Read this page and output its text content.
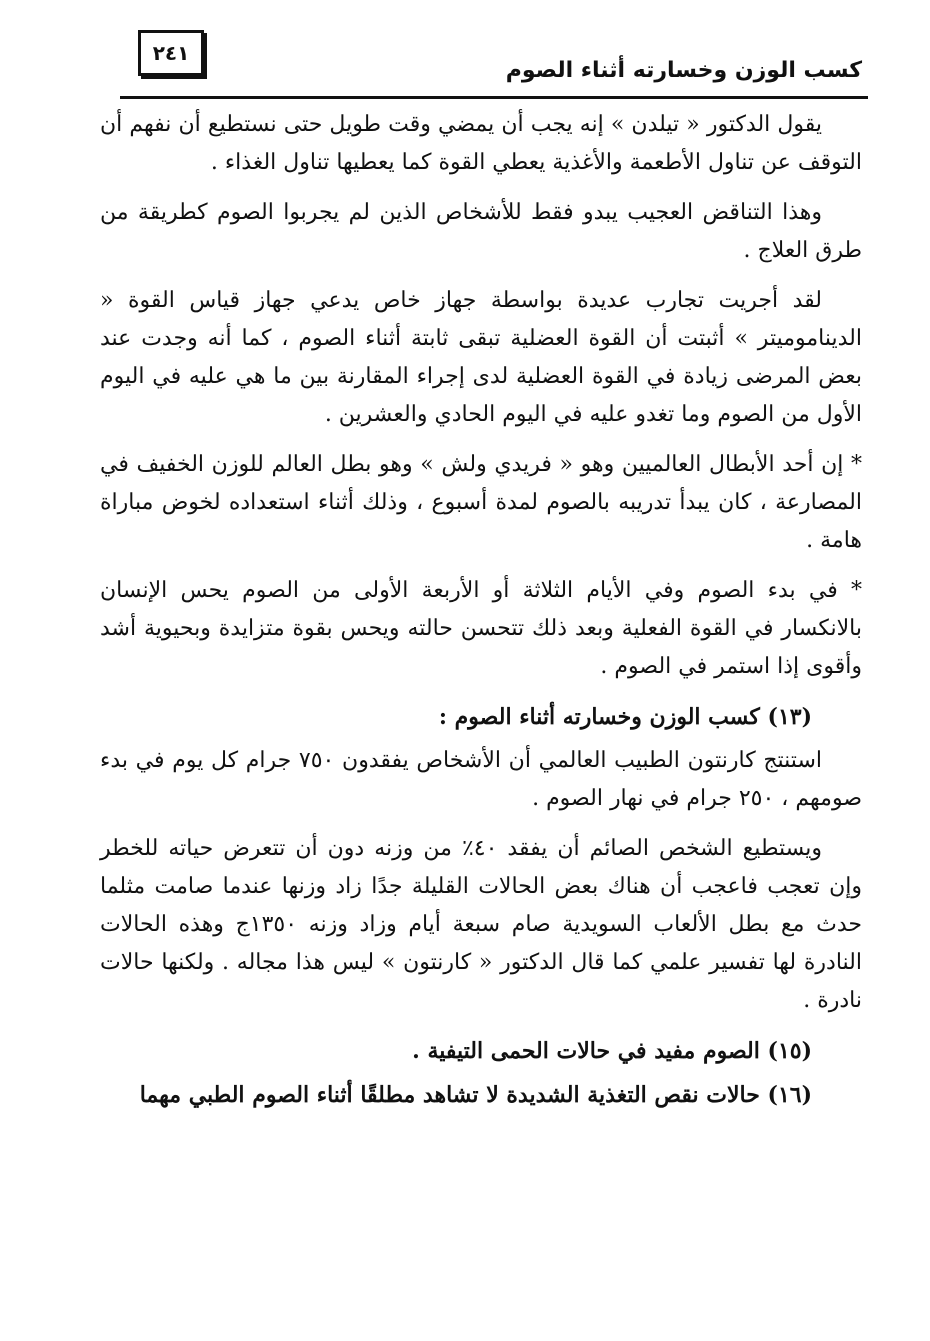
٢٤١
كسب الوزن وخسارته أثناء الصوم

يقول الدكتور « تيلدن » إنه يجب أن يمضي وقت طويل حتى نستطيع أن نفهم أن التوقف عن تناول الأطعمة والأغذية يعطي القوة كما يعطيها تناول الغذاء .

وهذا التناقض العجيب يبدو فقط للأشخاص الذين لم يجربوا الصوم كطريقة من طرق العلاج .

لقد أجريت تجارب عديدة بواسطة جهاز خاص يدعي جهاز قياس القوة « الديناموميتر » أثبتت أن القوة العضلية تبقى ثابتة أثناء الصوم ، كما أنه وجدت عند بعض المرضى زيادة في القوة العضلية لدى إجراء المقارنة بين ما هي عليه في اليوم الأول من الصوم وما تغدو عليه في اليوم الحادي والعشرين .

* إن أحد الأبطال العالميين وهو « فريدي ولش » وهو بطل العالم للوزن الخفيف في المصارعة ، كان يبدأ تدريبه بالصوم لمدة أسبوع ، وذلك أثناء استعداده لخوض مباراة هامة .

* في بدء الصوم وفي الأيام الثلاثة أو الأربعة الأولى من الصوم يحس الإنسان بالانكسار في القوة الفعلية وبعد ذلك تتحسن حالته ويحس بقوة متزايدة وبحيوية أشد وأقوى إذا استمر في الصوم .

(١٣) كسب الوزن وخسارته أثناء الصوم :

استنتج كارنتون الطبيب العالمي أن الأشخاص يفقدون ٧٥٠ جرام كل يوم في بدء صومهم ، ٢٥٠ جرام في نهار الصوم .

ويستطيع الشخص الصائم أن يفقد ٤٠٪ من وزنه دون أن تتعرض حياته للخطر وإن تعجب فاعجب أن هناك بعض الحالات القليلة جدًا زاد وزنها عندما صامت مثلما حدث مع بطل الألعاب السويدية صام سبعة أيام وزاد وزنه ١٣٥٠ج وهذه الحالات النادرة لها تفسير علمي كما قال الدكتور « كارنتون » ليس هذا مجاله . ولكنها حالات نادرة .

(١٥) الصوم مفيد في حالات الحمى التيفية .

(١٦) حالات نقص التغذية الشديدة لا تشاهد مطلقًا أثناء الصوم الطبي مهما
